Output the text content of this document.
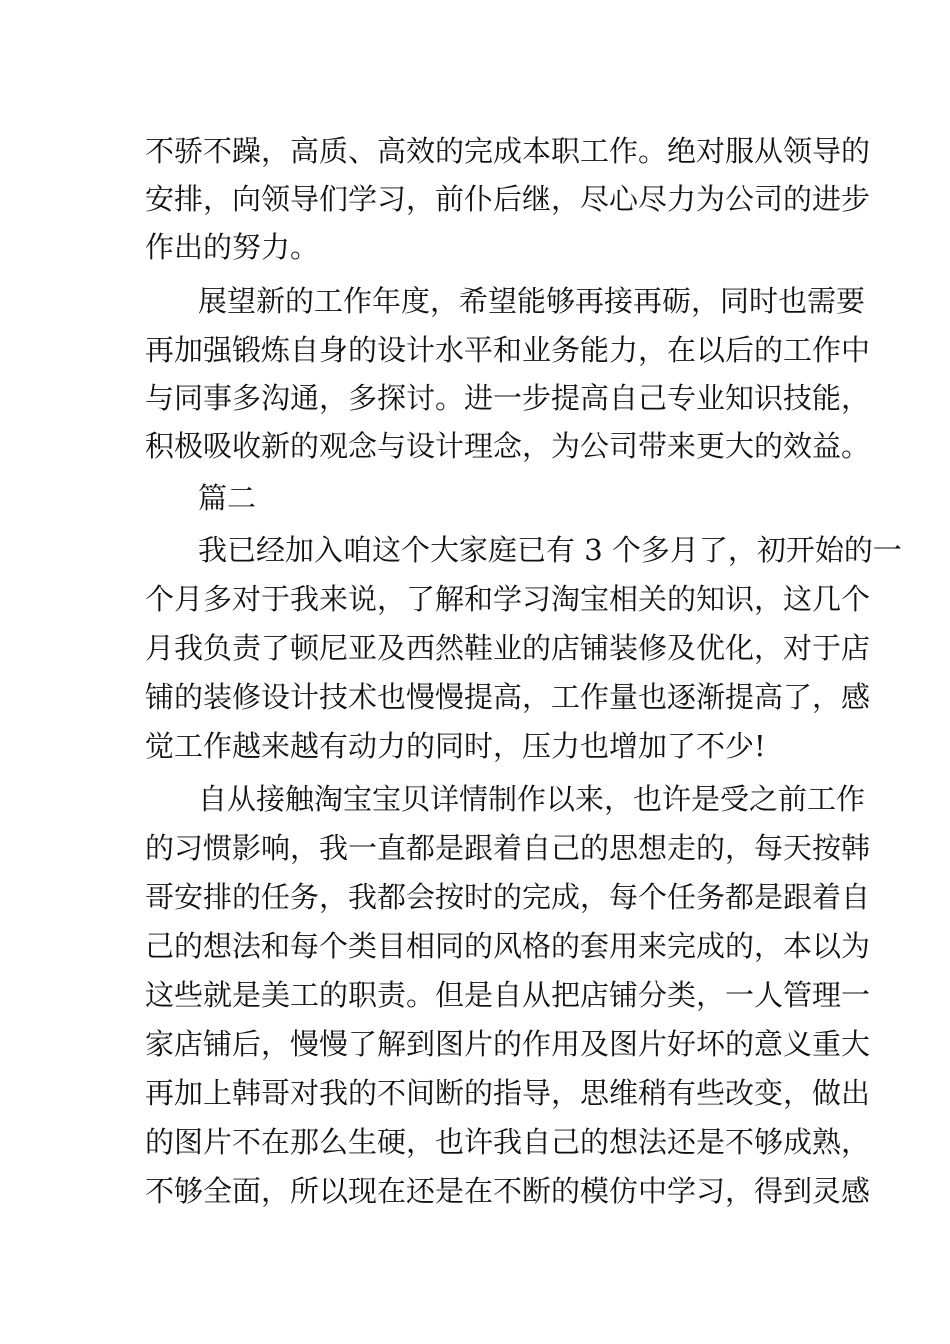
不骄不躁，高质、高效的完成本职工作。绝对服从领导的

安排，向领导们学习，前仆后继，尽心尽力为公司的进步

作出的努力。

展望新的工作年度，希望能够再接再砺，同时也需要

再加强锻炼自身的设计水平和业务能力，在以后的工作中

与同事多沟通，多探讨。进一步提高自己专业知识技能，

积极吸收新的观念与设计理念，为公司带来更大的效益。

篇二

我已经加入咱这个大家庭已有 3 个多月了，初开始的一

个月多对于我来说，了解和学习淘宝相关的知识，这几个

月我负责了顿尼亚及西然鞋业的店铺装修及优化，对于店

铺的装修设计技术也慢慢提高，工作量也逐渐提高了，感

觉工作越来越有动力的同时，压力也增加了不少!

自从接触淘宝宝贝详情制作以来，也许是受之前工作

的习惯影响，我一直都是跟着自己的思想走的，每天按韩

哥安排的任务，我都会按时的完成，每个任务都是跟着自

己的想法和每个类目相同的风格的套用来完成的，本以为

这些就是美工的职责。但是自从把店铺分类，一人管理一

家店铺后，慢慢了解到图片的作用及图片好坏的意义重大

再加上韩哥对我的不间断的指导，思维稍有些改变，做出

的图片不在那么生硬，也许我自己的想法还是不够成熟，

不够全面，所以现在还是在不断的模仿中学习，得到灵感
